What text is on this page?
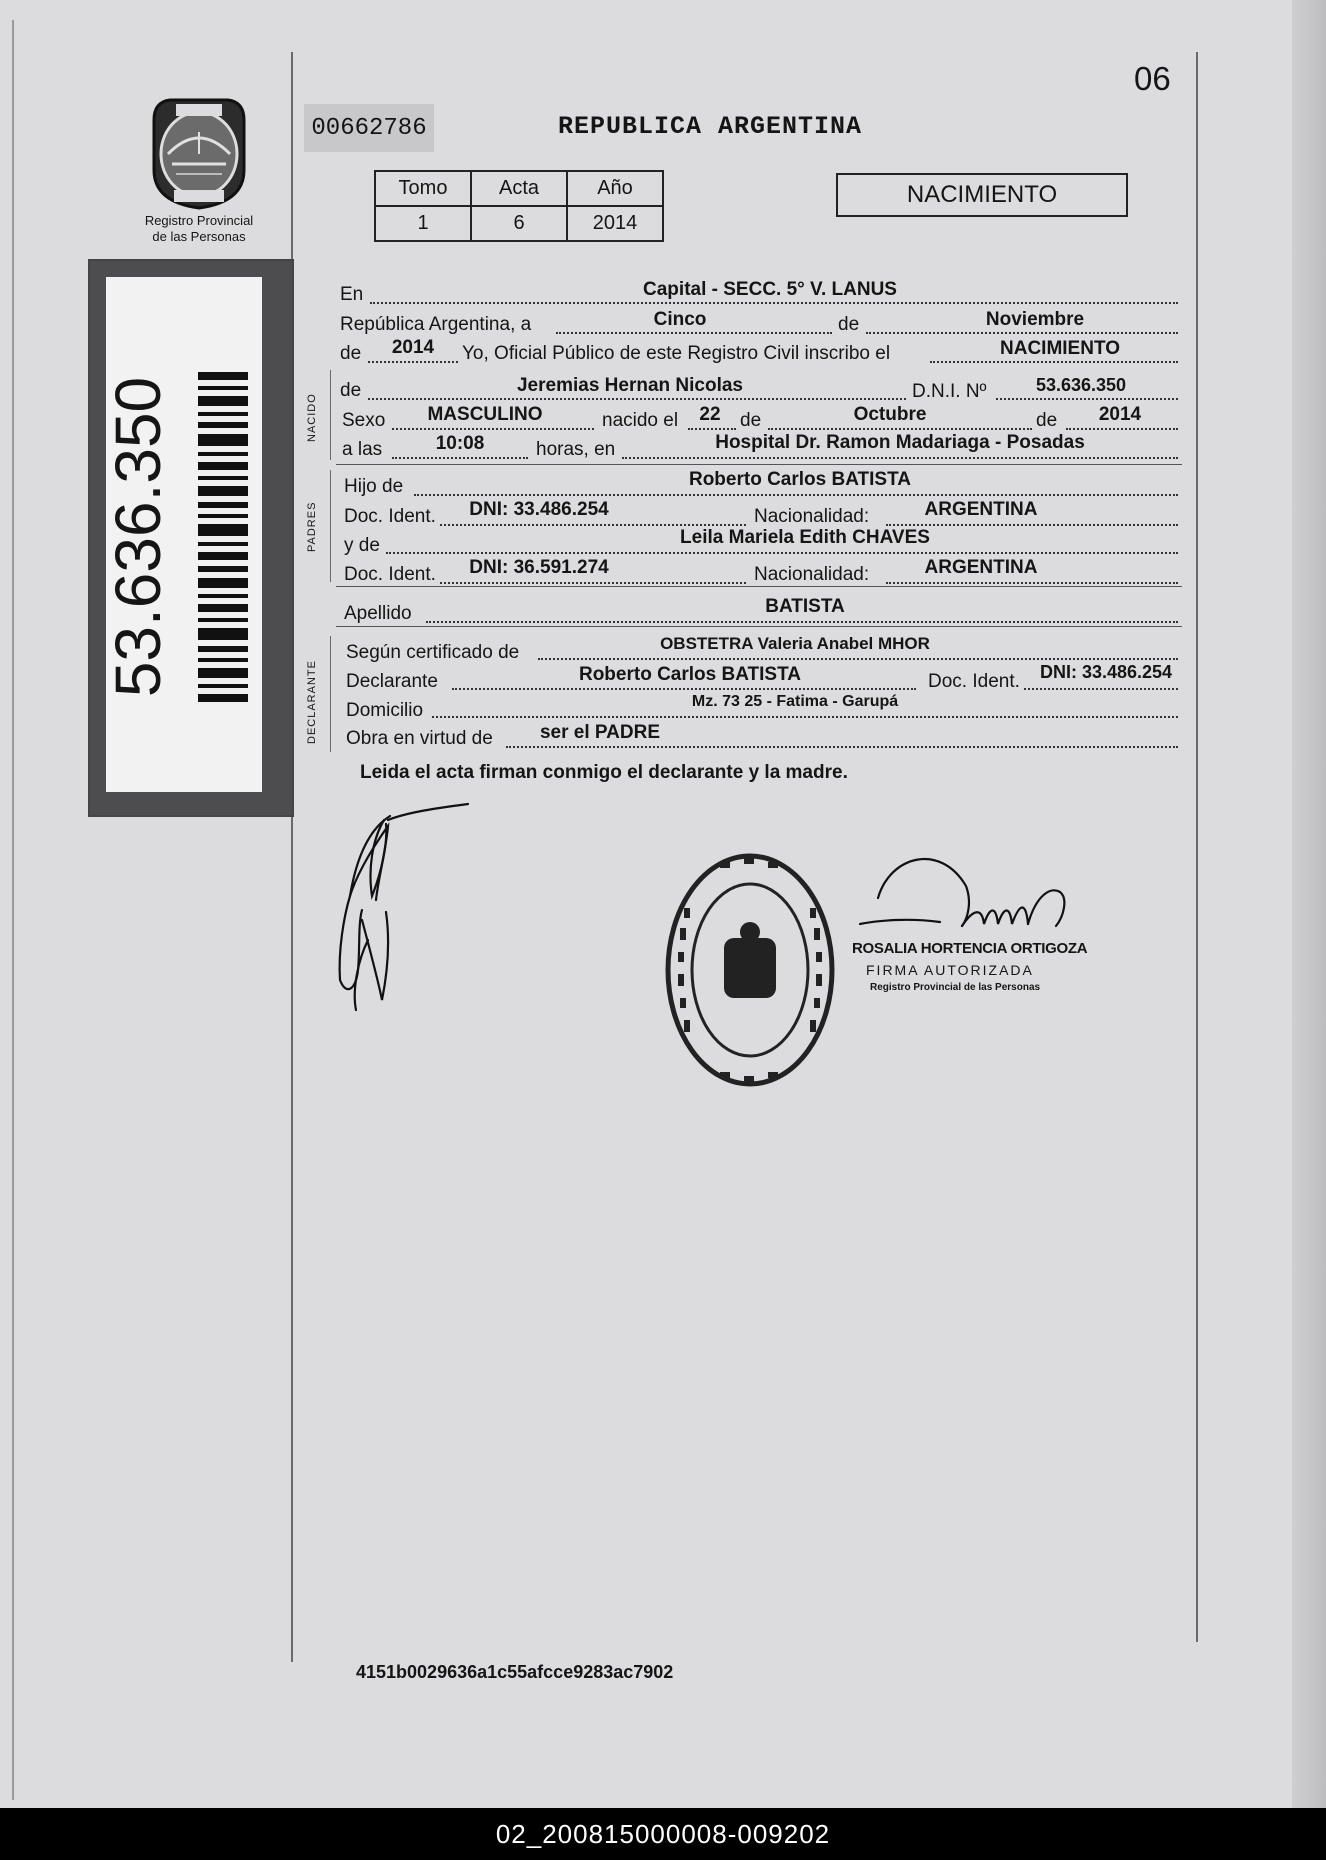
06
Registro Provincial
de las Personas
53.636.350
00662786	REPUBLICA ARGENTINA
Tomo	Acta	Año
1	6	2014
NACIMIENTO
En	Capital - SECC. 5° V. LANUS
República Argentina, a	Cinco	de	Noviembre
de	2014	Yo, Oficial Público de este Registro Civil inscribo el	NACIMIENTO
NACIDO
de	Jeremias Hernan Nicolas	D.N.I. Nº	53.636.350
Sexo	MASCULINO	nacido el	22	de	Octubre	de	2014
a las	10:08	horas, en	Hospital Dr. Ramon Madariaga - Posadas
PADRES
Hijo de	Roberto Carlos BATISTA
Doc. Ident.	DNI: 33.486.254	Nacionalidad:	ARGENTINA
y de	Leila Mariela Edith CHAVES
Doc. Ident.	DNI: 36.591.274	Nacionalidad:	ARGENTINA
Apellido	BATISTA
DECLARANTE
Según certificado de	OBSTETRA Valeria Anabel MHOR
Declarante	Roberto Carlos BATISTA	Doc. Ident.	DNI: 33.486.254
Domicilio	Mz. 73 25 - Fatima - Garupá
Obra en virtud de	ser el PADRE
Leida el acta firman conmigo el declarante y la madre.
ROSALIA HORTENCIA ORTIGOZA
FIRMA AUTORIZADA
Registro Provincial de las Personas
4151b0029636a1c55afcce9283ac7902
02_200815000008-009202
